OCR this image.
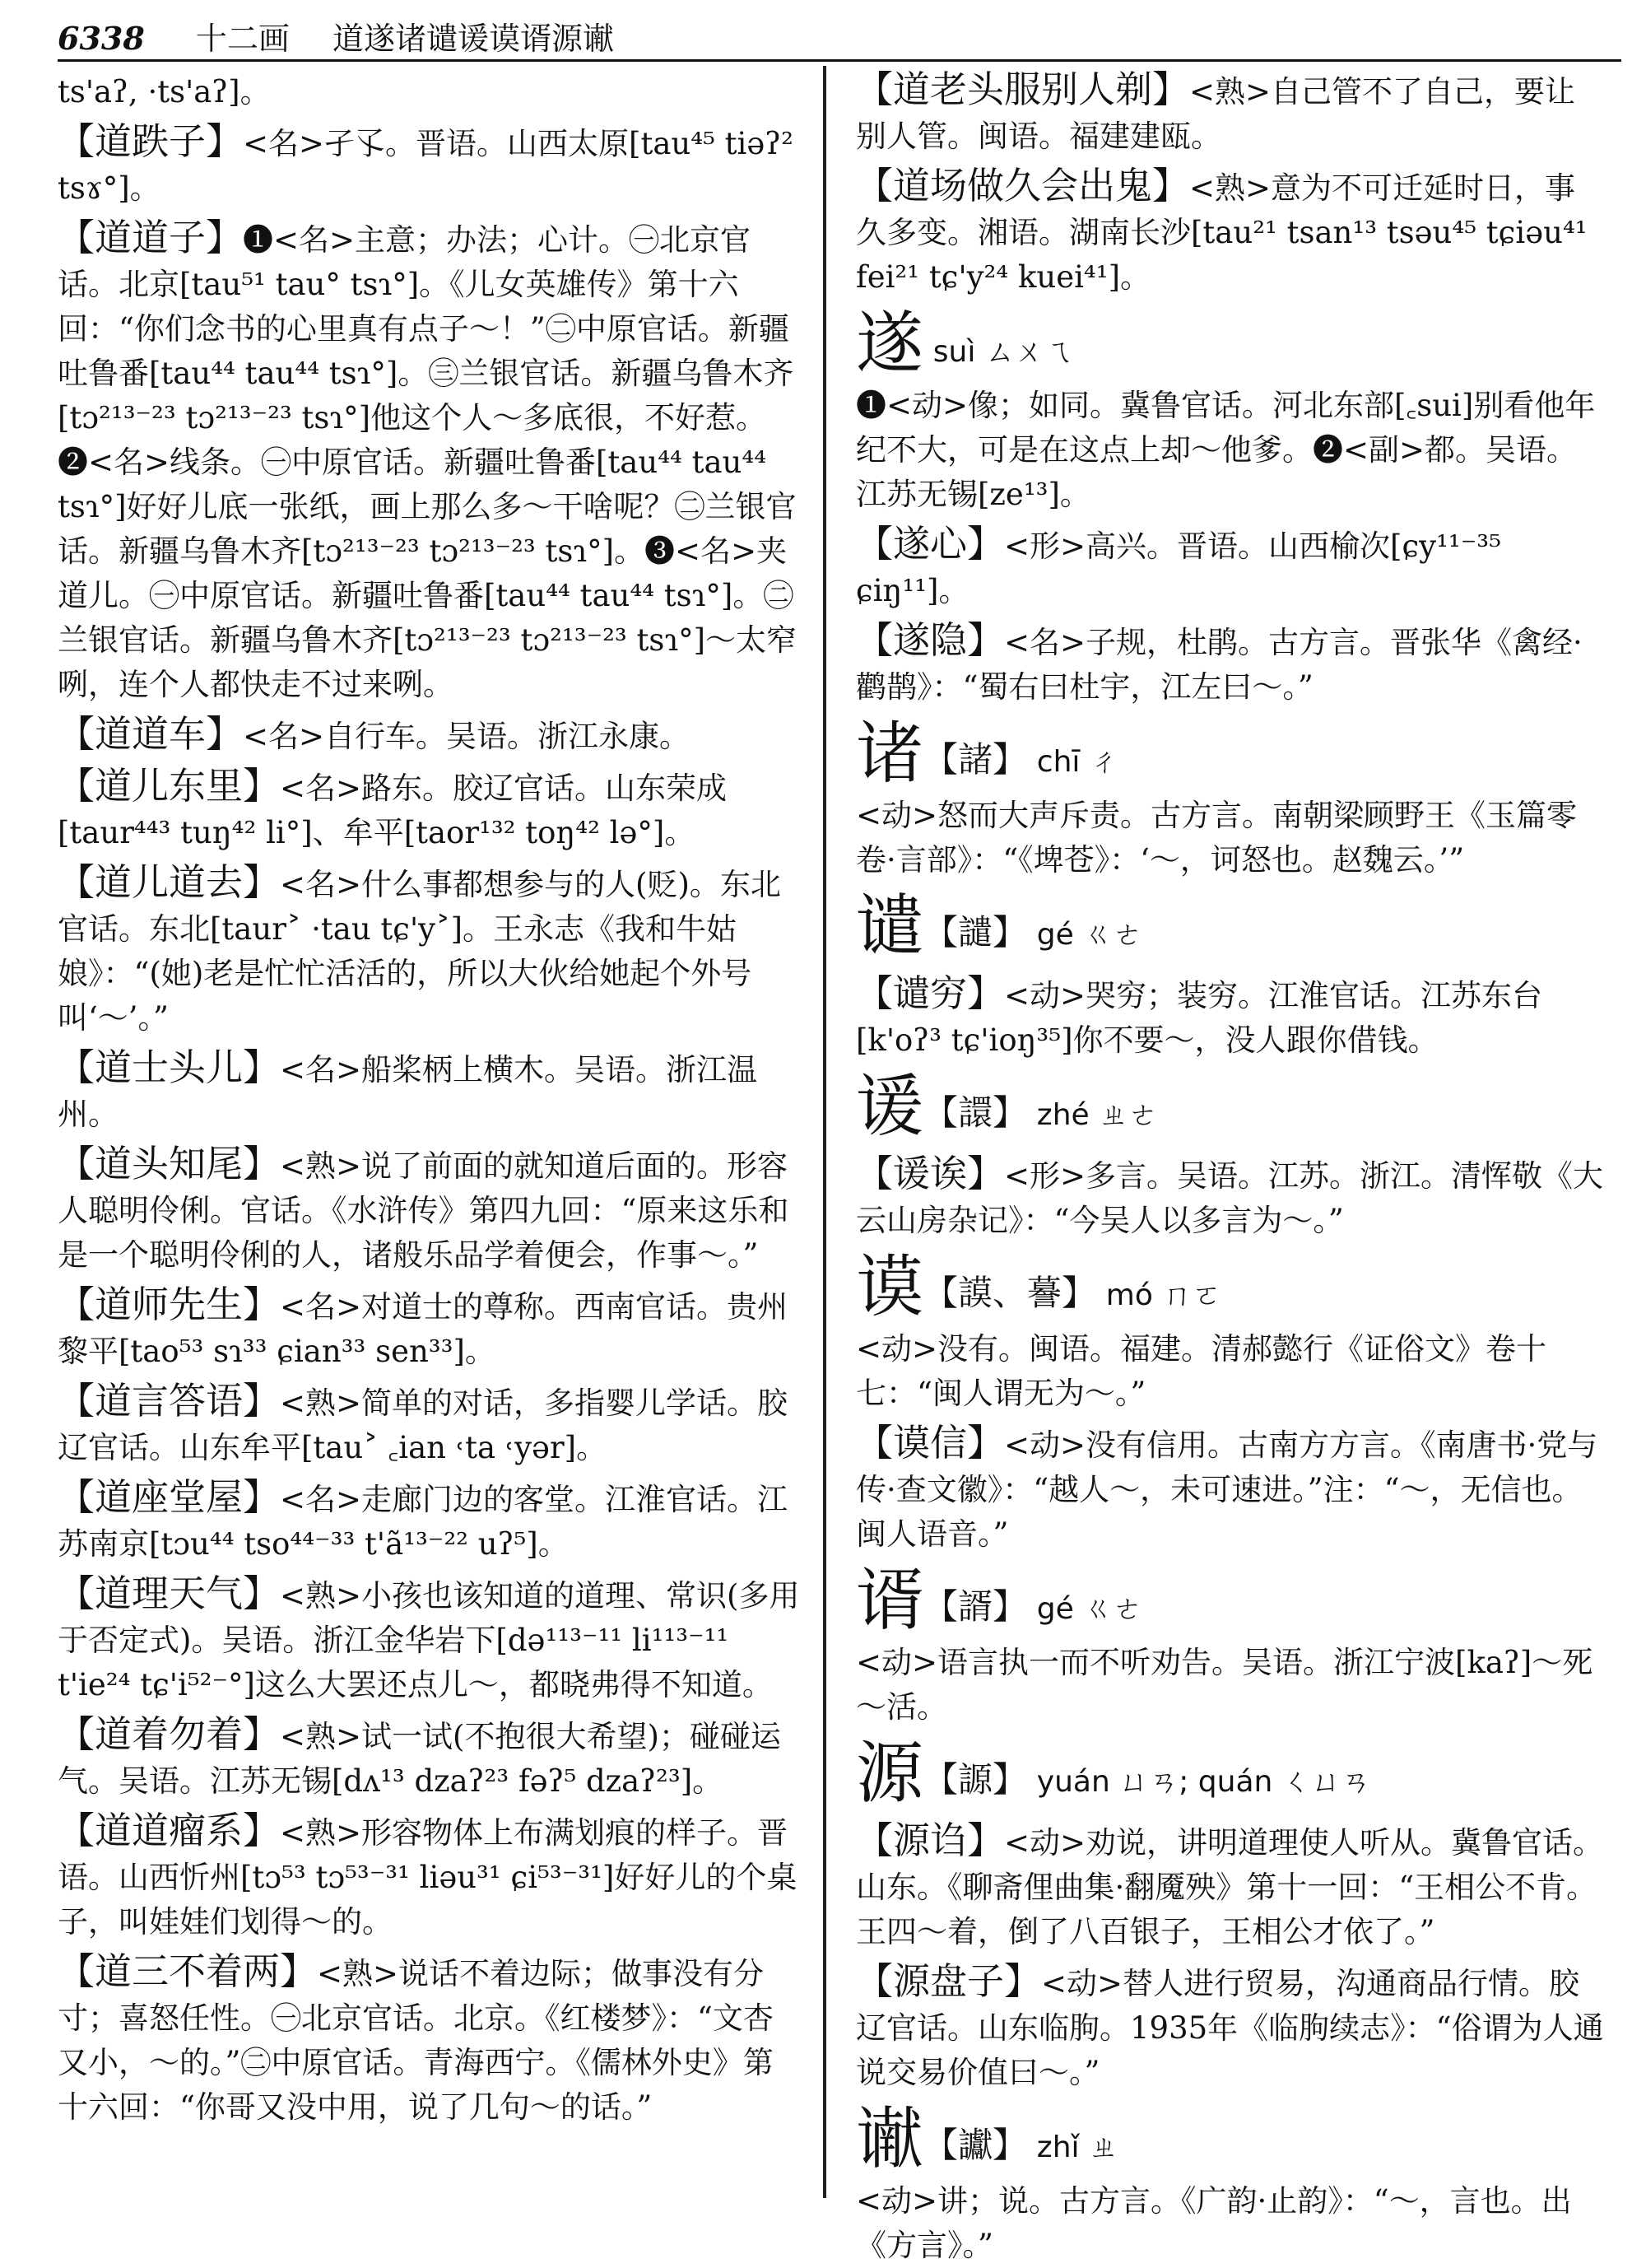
6338 十二画 道遂诸谴谖谟谞源谳
ts'aʔ, ·ts'aʔ]。
【道跌子】<名>孑孓。晋语。山西太原[tau⁴⁵ tiəʔ² tsɤ°]。
【道道子】❶<名>主意；办法；心计。㊀北京官话。北京[tau⁵¹ tau° tsɿ°]。《儿女英雄传》第十六回：“你们念书的心里真有点子～！”㊁中原官话。新疆吐鲁番[tau⁴⁴ tau⁴⁴ tsɿ°]。㊂兰银官话。新疆乌鲁木齐[tɔ²¹³⁻²³ tɔ²¹³⁻²³ tsɿ°]他这个人～多底很，不好惹。❷<名>线条。㊀中原官话。新疆吐鲁番[tau⁴⁴ tau⁴⁴ tsɿ°]好好儿底一张纸，画上那么多～干啥呢？㊁兰银官话。新疆乌鲁木齐[tɔ²¹³⁻²³ tɔ²¹³⁻²³ tsɿ°]。❸<名>夹道儿。㊀中原官话。新疆吐鲁番[tau⁴⁴ tau⁴⁴ tsɿ°]。㊁兰银官话。新疆乌鲁木齐[tɔ²¹³⁻²³ tɔ²¹³⁻²³ tsɿ°]～太窄咧，连个人都快走不过来咧。
【道道车】<名>自行车。吴语。浙江永康。
【道儿东里】<名>路东。胶辽官话。山东荣成[taur⁴⁴³ tuŋ⁴² li°]、牟平[taor¹³² toŋ⁴² lə°]。
【道儿道去】<名>什么事都想参与的人(贬)。东北官话。东北[taur˃ ·tau tɕ'y˃]。王永志《我和牛姑娘》：“(她)老是忙忙活活的，所以大伙给她起个外号叫‘～’。”
【道士头儿】<名>船桨柄上横木。吴语。浙江温州。
【道头知尾】<熟>说了前面的就知道后面的。形容人聪明伶俐。官话。《水浒传》第四九回：“原来这乐和是一个聪明伶俐的人，诸般乐品学着便会，作事～。”
【道师先生】<名>对道士的尊称。西南官话。贵州黎平[tao⁵³ sɿ³³ ɕian³³ sen³³]。
【道言答语】<熟>简单的对话，多指婴儿学话。胶辽官话。山东牟平[tau˃ ꜀ian ˓ta ˓yər]。
【道座堂屋】<名>走廊门边的客堂。江淮官话。江苏南京[tɔu⁴⁴ tso⁴⁴⁻³³ t'ã¹³⁻²² uʔ⁵]。
【道理天气】<熟>小孩也该知道的道理、常识(多用于否定式)。吴语。浙江金华岩下[də¹¹³⁻¹¹ li¹¹³⁻¹¹ t'ie²⁴ tɕ'i⁵²⁻°]这么大罢还点儿～，都晓弗得不知道。
【道着勿着】<熟>试一试(不抱很大希望)；碰碰运气。吴语。江苏无锡[dʌ¹³ dzaʔ²³ fəʔ⁵ dzaʔ²³]。
【道道瘤系】<熟>形容物体上布满划痕的样子。晋语。山西忻州[tɔ⁵³ tɔ⁵³⁻³¹ liəu³¹ ɕi⁵³⁻³¹]好好儿的个桌子，叫娃娃们划得～的。
【道三不着两】<熟>说话不着边际；做事没有分寸；喜怒任性。㊀北京官话。北京。《红楼梦》：“文杏又小，～的。”㊁中原官话。青海西宁。《儒林外史》第十六回：“你哥又没中用，说了几句～的话。”
【道老头服别人剃】<熟>自己管不了自己，要让别人管。闽语。福建建瓯。
【道场做久会出鬼】<熟>意为不可迁延时日，事久多变。湘语。湖南长沙[tau²¹ tsan¹³ tsəu⁴⁵ tɕiəu⁴¹ fei²¹ tɕ'y²⁴ kuei⁴¹]。
遂 suì ㄙㄨㄟ
❶<动>像；如同。冀鲁官话。河北东部[꜀sui]别看他年纪不大，可是在这点上却～他爹。❷<副>都。吴语。江苏无锡[ze¹³]。
【遂心】<形>高兴。晋语。山西榆次[ɕy¹¹⁻³⁵ ɕiŋ¹¹]。
【遂隐】<名>子规，杜鹃。古方言。晋张华《禽经·鹳鹊》：“蜀右曰杜宇，江左曰～。”
诸【諸】 chī ㄔ
<动>怒而大声斥责。古方言。南朝梁顾野王《玉篇零卷·言部》：“《埤苍》：‘～，诃怒也。赵魏云。’”
谴【譴】 gé ㄍㄜ
【谴穷】<动>哭穷；装穷。江淮官话。江苏东台[k'oʔ³ tɕ'ioŋ³⁵]你不要～，没人跟你借钱。
谖【譞】 zhé ㄓㄜ
【谖诶】<形>多言。吴语。江苏。浙江。清恽敬《大云山房杂记》：“今吴人以多言为～。”
谟【謨、謩】 mó ㄇㄛ
<动>没有。闽语。福建。清郝懿行《证俗文》卷十七：“闽人谓无为～。”
【谟信】<动>没有信用。古南方方言。《南唐书·党与传·查文徽》：“越人～，未可速进。”注：“～，无信也。闽人语音。”
谞【諝】 gé ㄍㄜ
<动>语言执一而不听劝告。吴语。浙江宁波[kaʔ]～死～活。
源【謜】 yuán ㄩㄢ; quán ㄑㄩㄢ
【源诌】<动>劝说，讲明道理使人听从。冀鲁官话。山东。《聊斋俚曲集·翻魇殃》第十一回：“王相公不肯。王四～着，倒了八百银子，王相公才依了。”
【源盘子】<动>替人进行贸易，沟通商品行情。胶辽官话。山东临朐。1935年《临朐续志》：“俗谓为人通说交易价值曰～。”
谳【讞】 zhǐ ㄓ
<动>讲；说。古方言。《广韵·止韵》：“～，言也。出《方言》。”
